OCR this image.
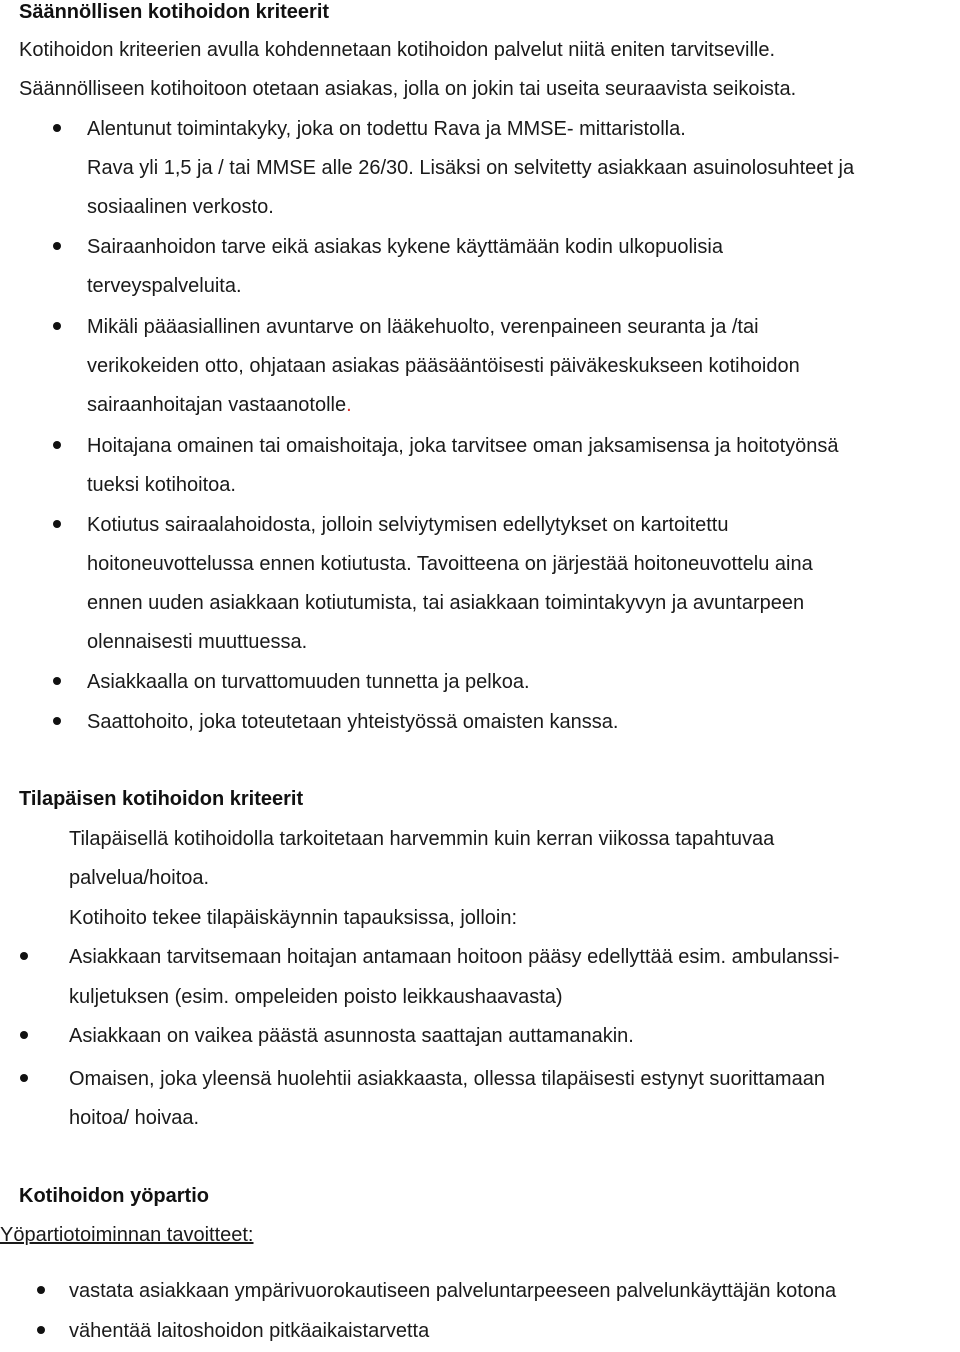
Säännöllisen kotihoidon kriteerit
Kotihoidon kriteerien avulla kohdennetaan kotihoidon palvelut niitä eniten tarvitseville.
Säännölliseen kotihoitoon otetaan asiakas, jolla on jokin tai useita seuraavista seikoista.
Alentunut toimintakyky, joka on todettu Rava ja MMSE- mittaristolla.
Rava yli 1,5 ja / tai MMSE alle 26/30. Lisäksi on selvitetty asiakkaan asuinolosuhteet ja
sosiaalinen verkosto.
Sairaanhoidon tarve eikä asiakas kykene käyttämään kodin ulkopuolisia
terveyspalveluita.
Mikäli pääasiallinen avuntarve on lääkehuolto, verenpaineen seuranta ja /tai
verikokeiden otto, ohjataan asiakas pääsääntöisesti päiväkeskukseen kotihoidon
sairaanhoitajan vastaanotolle.
Hoitajana omainen tai omaishoitaja, joka tarvitsee oman jaksamisensa ja hoitotyönsä
tueksi kotihoitoa.
Kotiutus sairaalahoidosta, jolloin selviytymisen edellytykset on kartoitettu
hoitoneuvottelussa ennen kotiutusta. Tavoitteena on järjestää hoitoneuvottelu aina
ennen uuden asiakkaan kotiutumista, tai asiakkaan toimintakyvyn ja avuntarpeen
olennaisesti muuttuessa.
Asiakkaalla on turvattomuuden tunnetta ja pelkoa.
Saattohoito, joka toteutetaan yhteistyössä omaisten kanssa.
Tilapäisen kotihoidon kriteerit
Tilapäisellä kotihoidolla tarkoitetaan harvemmin kuin kerran viikossa tapahtuvaa
palvelua/hoitoa.
Kotihoito tekee tilapäiskäynnin tapauksissa, jolloin:
Asiakkaan tarvitsemaan hoitajan antamaan hoitoon pääsy edellyttää esim. ambulanssi-
kuljetuksen (esim. ompeleiden poisto leikkaushaavasta)
Asiakkaan on vaikea päästä asunnosta saattajan auttamanakin.
Omaisen, joka yleensä huolehtii asiakkaasta, ollessa tilapäisesti estynyt suorittamaan
hoitoa/ hoivaa.
Kotihoidon yöpartio
Yöpartiotoiminnan tavoitteet:
vastata asiakkaan ympärivuorokautiseen palveluntarpeeseen palvelunkäyttäjän kotona
vähentää laitoshoidon pitkäaikaistarvetta
